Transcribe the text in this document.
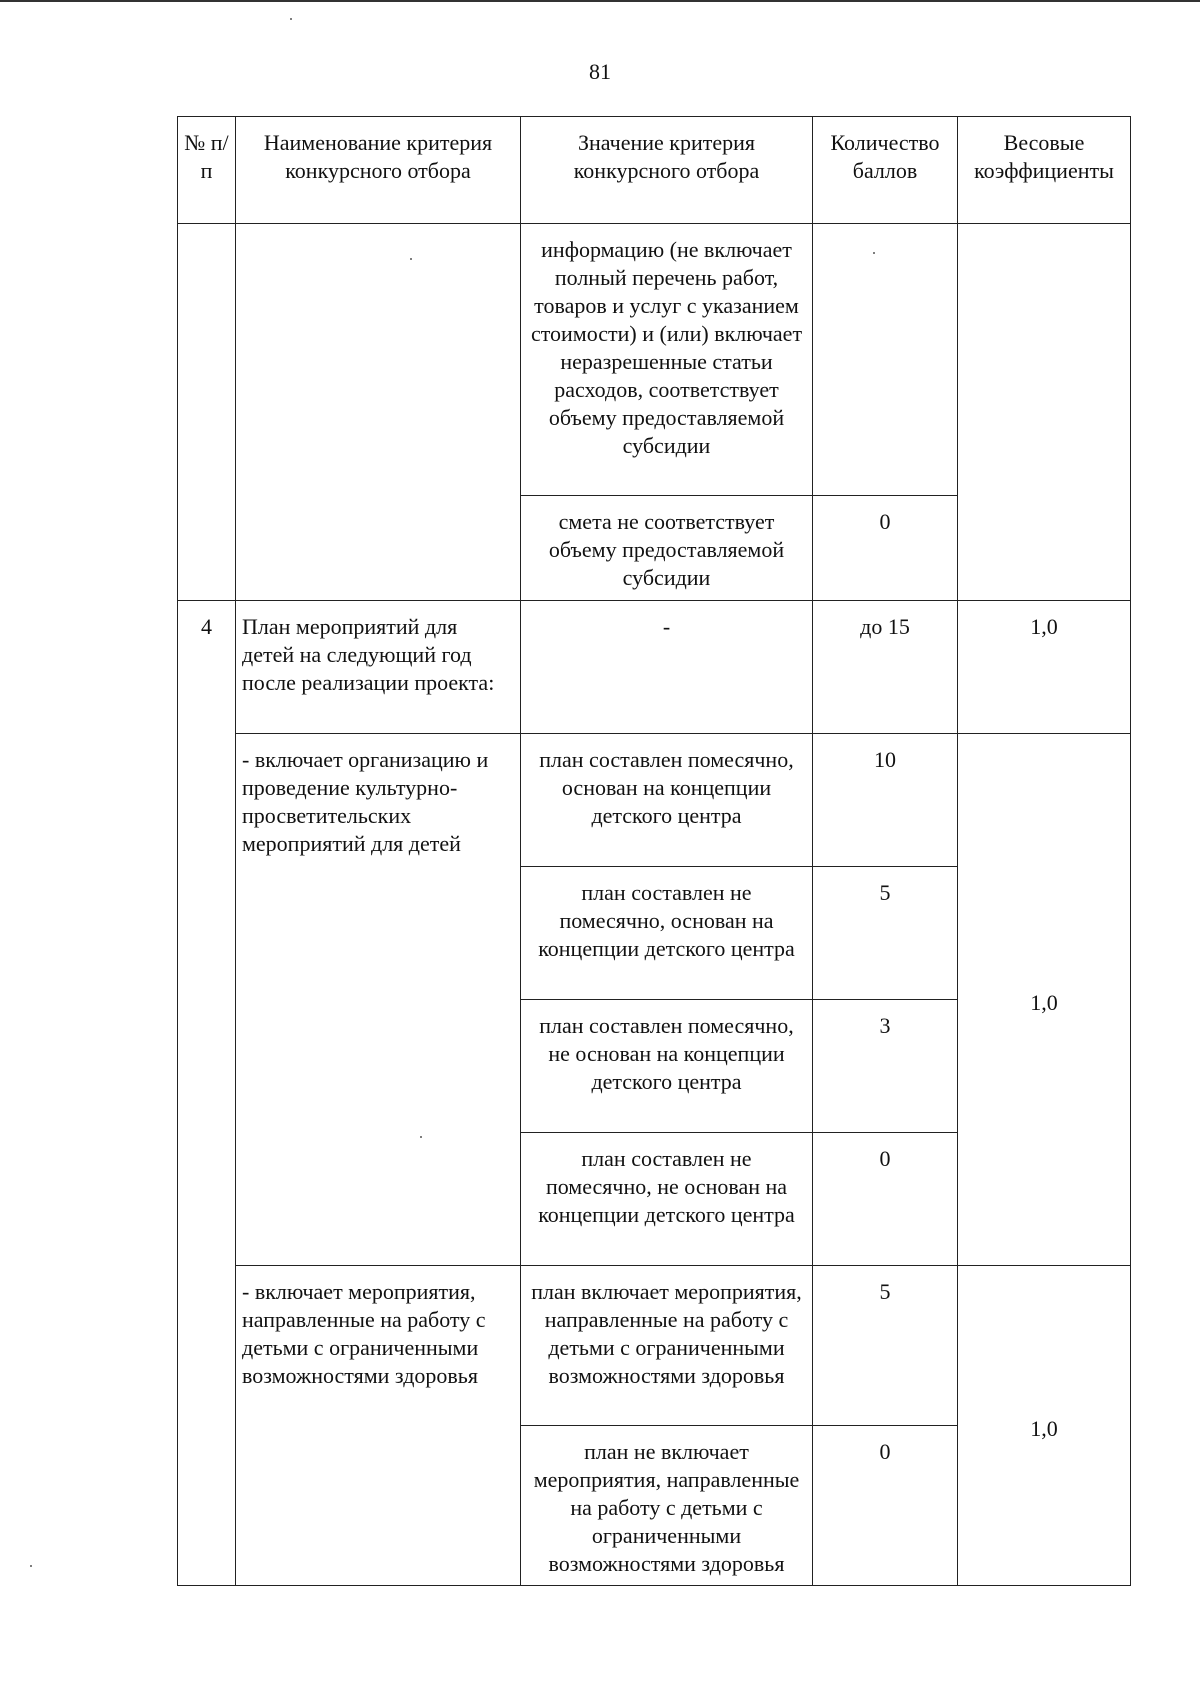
81
№ п/п	Наименование критерия конкурсного отбора	Значение критерия конкурсного отбора	Количество баллов	Весовые коэффициенты
		информацию (не включает полный перечень работ, товаров и услуг с указанием стоимости) и (или) включает неразрешенные статьи расходов, соответствует объему предоставляемой субсидии		
		смета не соответствует объему предоставляемой субсидии	0	
4	План мероприятий для детей на следующий год после реализации проекта:	-	до 15	1,0
	- включает организацию и проведение культурно-просветительских мероприятий для детей	план составлен помесячно, основан на концепции детского центра	10	1,0
		план составлен не помесячно, основан на концепции детского центра	5	
		план составлен помесячно, не основан на концепции детского центра	3	
		план составлен не помесячно, не основан на концепции детского центра	0	
	- включает мероприятия, направленные на работу с детьми с ограниченными возможностями здоровья	план включает мероприятия, направленные на работу с детьми с ограниченными возможностями здоровья	5	1,0
		план не включает мероприятия, направленные на работу с детьми с ограниченными возможностями здоровья	0	
